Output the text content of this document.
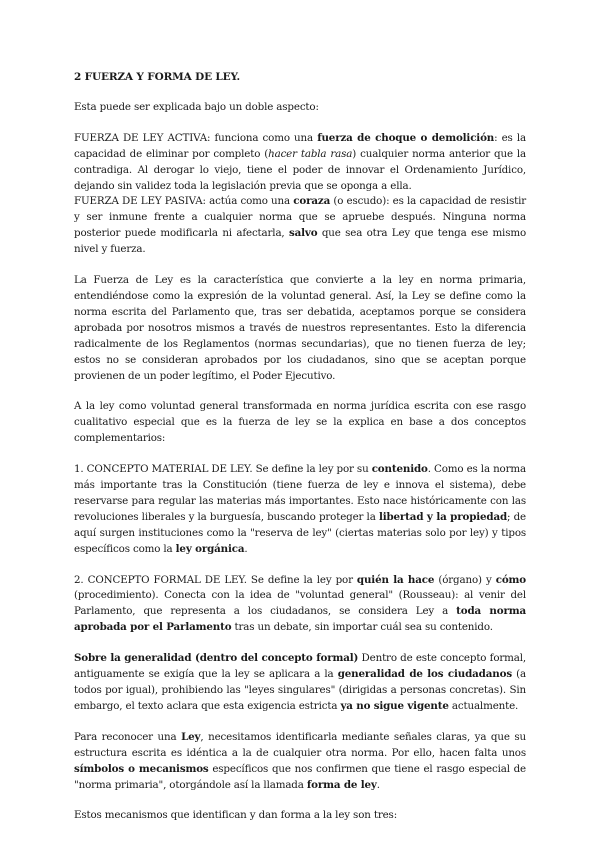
2 FUERZA Y FORMA DE LEY.

Esta puede ser explicada bajo un doble aspecto:

FUERZA DE LEY ACTIVA: funciona como una fuerza de choque o demolición: es la capacidad de eliminar por completo (hacer tabla rasa) cualquier norma anterior que la contradiga. Al derogar lo viejo, tiene el poder de innovar el Ordenamiento Jurídico, dejando sin validez toda la legislación previa que se oponga a ella.

FUERZA DE LEY PASIVA: actúa como una coraza (o escudo): es la capacidad de resistir y ser inmune frente a cualquier norma que se apruebe después. Ninguna norma posterior puede modificarla ni afectarla, salvo que sea otra Ley que tenga ese mismo nivel y fuerza.

La Fuerza de Ley es la característica que convierte a la ley en norma primaria, entendiéndose como la expresión de la voluntad general. Así, la Ley se define como la norma escrita del Parlamento que, tras ser debatida, aceptamos porque se considera aprobada por nosotros mismos a través de nuestros representantes. Esto la diferencia radicalmente de los Reglamentos (normas secundarias), que no tienen fuerza de ley; estos no se consideran aprobados por los ciudadanos, sino que se aceptan porque provienen de un poder legítimo, el Poder Ejecutivo.

A la ley como voluntad general transformada en norma jurídica escrita con ese rasgo cualitativo especial que es la fuerza de ley se la explica en base a dos conceptos complementarios:

1. CONCEPTO MATERIAL DE LEY. Se define la ley por su contenido. Como es la norma más importante tras la Constitución (tiene fuerza de ley e innova el sistema), debe reservarse para regular las materias más importantes. Esto nace históricamente con las revoluciones liberales y la burguesía, buscando proteger la libertad y la propiedad; de aquí surgen instituciones como la "reserva de ley" (ciertas materias solo por ley) y tipos específicos como la ley orgánica.

2. CONCEPTO FORMAL DE LEY. Se define la ley por quién la hace (órgano) y cómo (procedimiento). Conecta con la idea de "voluntad general" (Rousseau): al venir del Parlamento, que representa a los ciudadanos, se considera Ley a toda norma aprobada por el Parlamento tras un debate, sin importar cuál sea su contenido.

Sobre la generalidad (dentro del concepto formal) Dentro de este concepto formal, antiguamente se exigía que la ley se aplicara a la generalidad de los ciudadanos (a todos por igual), prohibiendo las "leyes singulares" (dirigidas a personas concretas). Sin embargo, el texto aclara que esta exigencia estricta ya no sigue vigente actualmente.

Para reconocer una Ley, necesitamos identificarla mediante señales claras, ya que su estructura escrita es idéntica a la de cualquier otra norma. Por ello, hacen falta unos símbolos o mecanismos específicos que nos confirmen que tiene el rasgo especial de "norma primaria", otorgándole así la llamada forma de ley.

Estos mecanismos que identifican y dan forma a la ley son tres:
